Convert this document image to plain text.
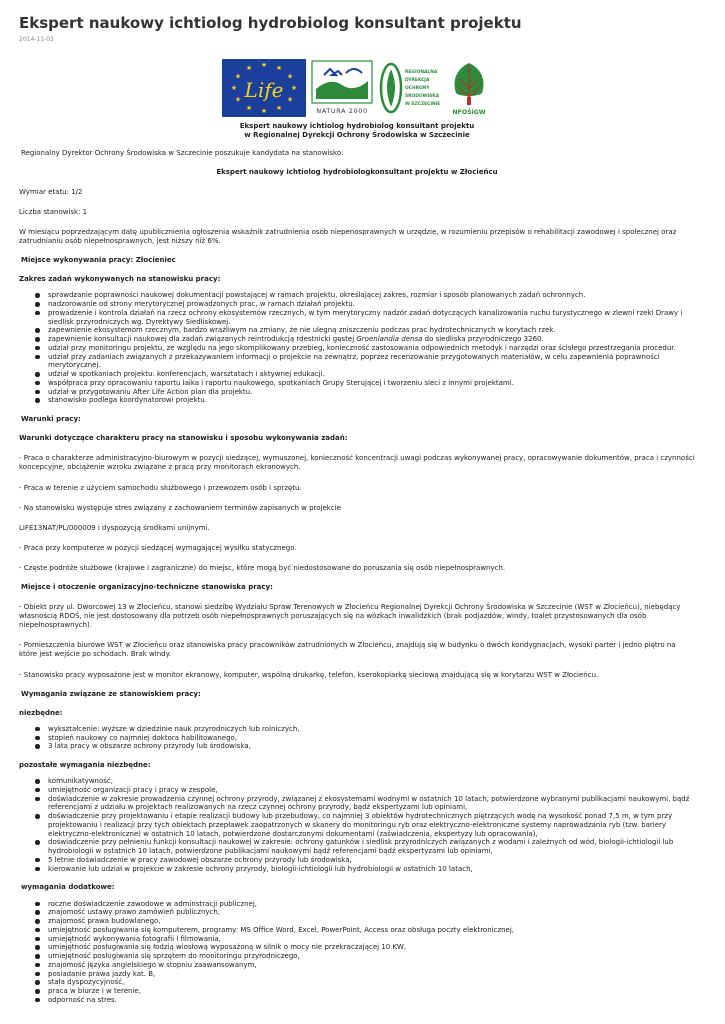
Ekspert naukowy ichtiolog hydrobiolog konsultant projektu
2014-11-03
★
★
★
★
★
★
★
★
★ ★ ★
★
Life
NATURA 2000
REGIONALNA
DYREKCJA
OCHRONY
ŚRODOWISKA
W SZCZECINIE
NFOŚiGW
Ekspert naukowy ichtiolog hydrobiolog konsultant projektu
w Regionalnej Dyrekcji Ochrony Środowiska w Szczecinie

Regionalny Dyrektor Ochrony Środowiska w Szczecinie poszukuje kandydata na stanowisko:

Ekspert naukowy ichtiolog hydrobiologkonsultant projektu w Złocieńcu

Wymiar etatu: 1/2

Liczba stanowisk: 1

W miesiącu poprzedzającym datę upublicznienia ogłoszenia wskaźnik zatrudnienia osób niepenosprawnych w urzędzie, w rozumieniu przepisów o rehabilitacji zawodowej i społecznej oraz zatrudnianiu osób niepełnosprawnych, jest niższy niż 6%.

Miejsce wykonywania pracy: Złocieniec

Zakres zadań wykonywanych na stanowisku pracy:

sprawdzanie poprawności naukowej dokumentacji powstającej w ramach projektu, określającej zakres, rozmiar i sposób planowanych zadań ochronnych.
nadzorowanie od strony merytorycznej prowadzonych prac, w ramach działań projektu.
prowadzenie i kontrola działań na rzecz ochrony ekosystemów rzecznych, w tym merytoryczny nadzór zadań dotyczących kanalizowania ruchu turystycznego w zlewni rzeki Drawy i siedlisk przyrodniczych wg. Dyrektywy Siedliskowej.
zapewnienie ekosystemom rzecznym, bardzo wrażliwym na zmiany, że nie ulegną zniszczeniu podczas prac hydrotechnicznych w korytach rzek.
zapewnienie konsultacji naukowej dla zadań związanych reintrodukcją rdestnicki gęstej Groenlandia densa do siedliska przyrodniczego 3260.
udział przy monitoringu projektu, ze względu na jego skomplikowany przebieg, konieczność zastosowania odpowiednich metodyk i narzędzi oraz ścisłego przestrzegania procedur.
udział przy zadaniach związanych z przekazywaniem informacji o projekcie na zewnątrz, poprzez recenzowanie przygotowanych materiałów, w celu zapewnienia poprawności merytorycznej.
udział w spotkaniach projektu: konferencjach, warsztatach i aktywnej edukacji.
współpraca przy opracowaniu raportu laika i raportu naukowego, spotkaniach Grupy Sterującej i tworzeniu sieci z innymi projektami.
udział w przygotowaniu After Life Action plan dla projektu.
stanowisko podlega koordynatorowi projektu.

Warunki pracy:

Warunki dotyczące charakteru pracy na stanowisku i sposobu wykonywania zadań:

- Praca o charakterze administracyjno-biurowym w pozycji siedzącej, wymuszonej, konieczność koncentracji uwagi podczas wykonywanej pracy, opracowywanie dokumentów, praca i czynności koncepcyjne, obciążenie wzroku związane z pracą przy monitorach ekranowych.

- Praca w terenie z użyciem samochodu służbowego i przewozem osób i sprzętu.

- Na stanowisku występuje stres związany z zachowaniem terminów zapisanych w projekcie

LIFE13NAT/PL/000009 i dyspozycją środkami unijnymi.

- Praca przy komputerze w pozycji siedzącej wymagającej wysiłku statycznego.

- Częste podróże służbowe (krajowe i zagraniczne) do miejsc, które mogą być niedostosowane do poruszania się osób niepełnosprawnych.

Miejsce i otoczenie organizacyjno-techniczne stanowiska pracy:

- Obiekt przy ul. Dworcowej 13 w Złocieńcu, stanowi siedzibę Wydziału Spraw Terenowych w Złocieńcu Regionalnej Dyrekcji Ochrony Środowiska w Szczecinie (WST w Złocieńcu), niebędący własnością RDOŚ, nie jest dostosowany dla potrzeb osób niepełnosprawnych poruszających się na wózkach inwalidzkich (brak podjazdów, windy, toalet przystosowanych dla osób niepełnosprawnych).

- Pomieszczenia biurowe WST w Złocieńcu oraz stanowiska pracy pracowników zatrudnionych w Złocieńcu, znajdują się w budynku o dwóch kondygnacjach, wysoki parter i jedno piętro na które jest wejście po schodach. Brak windy.

- Stanowisko pracy wyposażone jest w monitor ekranowy, komputer, wspólną drukarkę, telefon, kserokopiarkę sieciową znajdującą się w korytarzu WST w Złocieńcu.

Wymagania związane ze stanowiskiem pracy:

niezbędne:

wykształcenie: wyższe w dziedzinie nauk przyrodniczych lub rolniczych,
stopień naukowy co najmniej doktora habilitowanego,
3 lata pracy w obszarze ochrony przyrody lub środowiska,

pozostałe wymagania niezbędne:

komunikatywność,
umiejętność organizacji pracy i pracy w zespole,
doświadczenie w zakresie prowadzenia czynnej ochrony przyrody, związanej z ekosystemami wodnymi w ostatnich 10 latach, potwierdzone wybranymi publikacjami naukowymi, bądź referencjami z udziału w projektach realizowanych na rzecz czynnej ochrony przyrody, bądź ekspertyzami lub opiniami,
doświadczenie przy projektowaniu i etapie realizacji budowy lub przebudowy, co najmniej 3 obiektów hydrotechnicznych piętrzących wodę na wysokość ponad 7,5 m, w tym przy projektowaniu i realizacji przy tych obiektach przepławek zaopatrzonych w skanery do monitoringu ryb oraz elektryczno-elektroniczne systemy naprowadzania ryb (tzw. bariery elektryczno-elektroniczne) w ostatnich 10 latach, potwierdzone dostarczonymi dokumentami (zaświadczenia, ekspertyzy lub opracowania),
doświadczenie przy pełnieniu funkcji konsultacji naukowej w zakresie: ochrony gatunków i siedlisk przyrodniczych związanych z wodami i zależnych od wód, biologii-ichtiologii lub hydrobiologii w ostatnich 10 latach, potwierdzone publikacjami naukowymi bądź referencjami bądź ekspertyzami lub opiniami,
5 letnie doświadczenie w pracy zawodowej obszarze ochrony przyrody lub środowiska,
kierowanie lub udział w projekcie w zakresie ochrony przyrody, biologii-ichtiologii lub hydrobiologii w ostatnich 10 latach,

wymagania dodatkowe:

roczne doświadczenie zawodowe w adminstracji publicznej,
znajomość ustawy prawo zamówień publicznych,
znajomość prawa budowlanego,
umiejętność posługiwania się komputerem, programy: MS Office Word, Excel, PowerPoint, Access oraz obsługa poczty elektronicznej,
umiejętność wykonywania fotografii i filmowania,
umiejętność posługiwania się łodzią wiosłową wyposażoną w silnik o mocy nie przekraczającej 10 KW,
umiejętność posługiwania się sprzętem do monitoringu przyrodniczego,
znajomość języka angielskiego w stopniu zaawansowanym,
posiadanie prawa jazdy kat. B,
stała dyspozycyjność,
praca w biurze i w terenie,
odporność na stres.
